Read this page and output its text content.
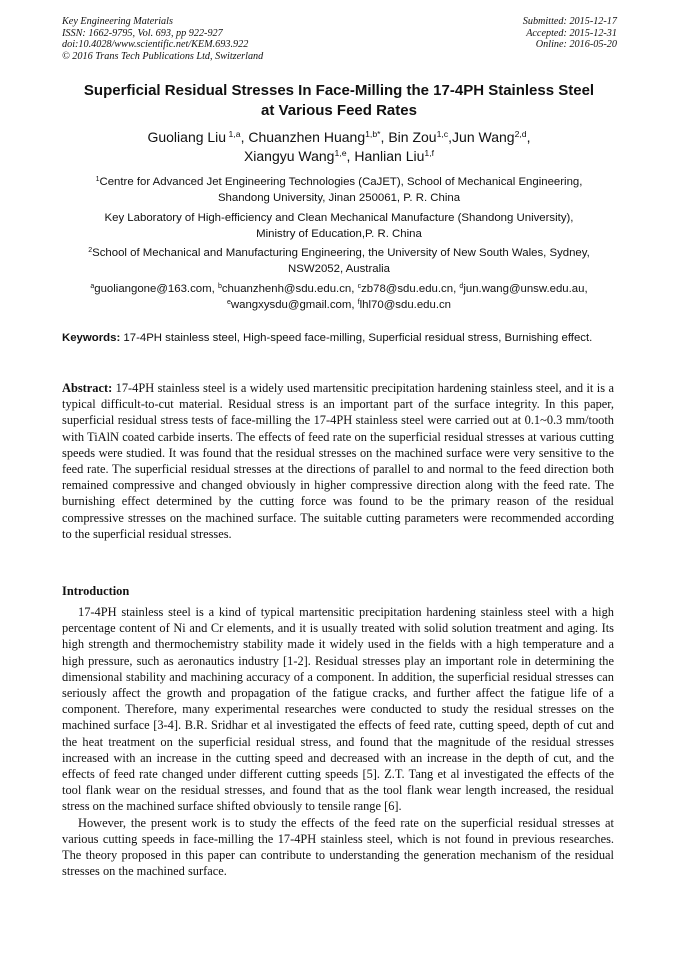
Key Engineering Materials
ISSN: 1662-9795, Vol. 693, pp 922-927
doi:10.4028/www.scientific.net/KEM.693.922
© 2016 Trans Tech Publications Ltd, Switzerland
Submitted: 2015-12-17
Accepted: 2015-12-31
Online: 2016-05-20
Superficial Residual Stresses In Face-Milling the 17-4PH Stainless Steel
at Various Feed Rates
Guoliang Liu $^{1,a}$, Chuanzhen Huang$^{1,b*}$, Bin Zou$^{1,c}$,Jun Wang$^{2,d}$,
Xiangyu Wang$^{1,e}$, Hanlian Liu$^{1,f}$
$^1$Centre for Advanced Jet Engineering Technologies (CaJET), School of Mechanical Engineering,
Shandong University, Jinan 250061, P. R. China
Key Laboratory of High-efficiency and Clean Mechanical Manufacture (Shandong University),
Ministry of Education,P. R. China
$^2$School of Mechanical and Manufacturing Engineering, the University of New South Wales, Sydney,
NSW2052, Australia
$^a$guoliangone@163.com, $^b$chuanzhenh@sdu.edu.cn, $^c$zb78@sdu.edu.cn, $^d$jun.wang@unsw.edu.au,
$^e$wangxysdu@gmail.com, $^f$lhl70@sdu.edu.cn
Keywords: 17-4PH stainless steel, High-speed face-milling, Superficial residual stress, Burnishing effect.
Abstract: 17-4PH stainless steel is a widely used martensitic precipitation hardening stainless steel, and it is a typical difficult-to-cut material. Residual stress is an important part of the surface integrity. In this paper, superficial residual stress tests of face-milling the 17-4PH stainless steel were carried out at 0.1~0.3 mm/tooth with TiAlN coated carbide inserts. The effects of feed rate on the superficial residual stresses at various cutting speeds were studied. It was found that the residual stresses on the machined surface were very sensitive to the feed rate. The superficial residual stresses at the directions of parallel to and normal to the feed direction both remained compressive and changed obviously in higher compressive direction along with the feed rate. The burnishing effect determined by the cutting force was found to be the primary reason of the residual compressive stresses on the machined surface. The suitable cutting parameters were recommended according to the superficial residual stresses.
Introduction

17-4PH stainless steel is a kind of typical martensitic precipitation hardening stainless steel with a high percentage content of Ni and Cr elements, and it is usually treated with solid solution treatment and aging. Its high strength and thermochemistry stability made it widely used in the fields with a high temperature and a high pressure, such as aeronautics industry [1-2]. Residual stresses play an important role in determining the dimensional stability and machining accuracy of a component. In addition, the superficial residual stresses can seriously affect the growth and propagation of the fatigue cracks, and further affect the fatigue life of a component. Therefore, many experimental researches were conducted to study the residual stresses on the machined surface [3-4]. B.R. Sridhar et al investigated the effects of feed rate, cutting speed, depth of cut and the heat treatment on the superficial residual stress, and found that the magnitude of the residual stresses increased with an increase in the cutting speed and decreased with an increase in the depth of cut, and the effects of feed rate changed under different cutting speeds [5]. Z.T. Tang et al investigated the effects of the tool flank wear on the residual stresses, and found that as the tool flank wear length increased, the residual stress on the machined surface shifted obviously to tensile range [6].

However, the present work is to study the effects of the feed rate on the superficial residual stresses at various cutting speeds in face-milling the 17-4PH stainless steel, which is not found in previous researches. The theory proposed in this paper can contribute to understanding the generation mechanism of the residual stresses on the machined surface.
